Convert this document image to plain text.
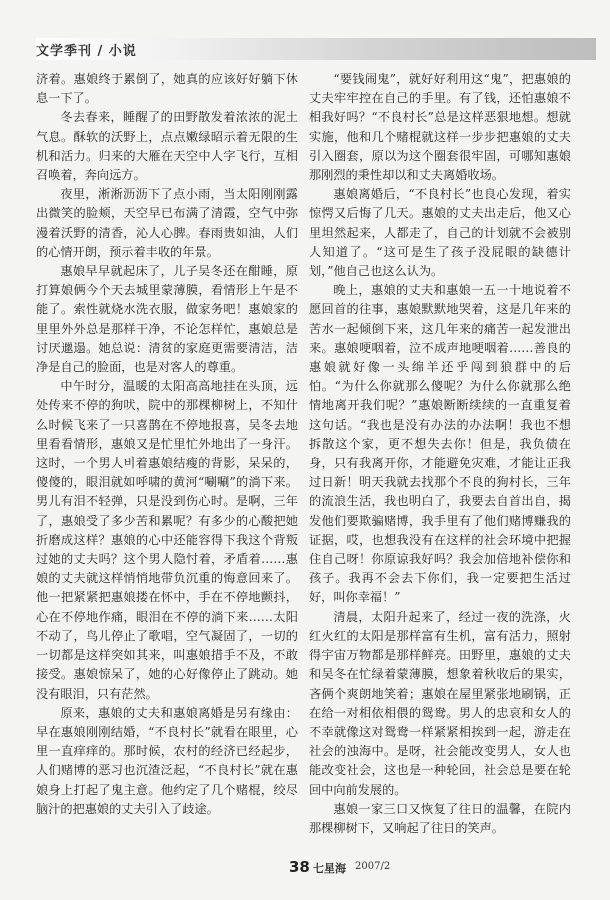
文学季刊 / 小说

济着。惠娘终于累倒了，她真的应该好好躺下休息一下了。

冬去春来，睡醒了的田野散发着浓浓的泥土气息。酥软的沃野上，点点嫩绿昭示着无限的生机和活力。归来的大雁在天空中人字飞行，互相召唤着，奔向远方。

夜里，淅淅沥沥下了点小雨，当太阳刚刚露出微笑的脸颊，天空早已布满了清霞，空气中弥漫着沃野的清香，沁人心脾。春雨贵如油，人们的心情开朗，预示着丰收的年景。

惠娘早早就起床了，儿子吴冬还在酣睡，原打算娘俩今个天去城里蒙薄膜，看情形上午是不能了。索性就烧水洗衣服，做家务吧！惠娘家的里里外外总是那样干净，不论怎样忙，惠娘总是讨厌邋遢。她总说：清贫的家庭更需要清洁，洁净是自己的脸面，也是对客人的尊重。

中午时分，温暖的太阳高高地挂在头顶，远处传来不停的狗吠，院中的那棵柳树上，不知什么时候飞来了一只喜鹊在不停地报喜，吴冬去地里看看情形，惠娘又是忙里忙外地出了一身汗。这时，一个男人비着惠娘结瘦的背影，呆呆的，傻傻的，眼泪就如呼啸的黄河“唰唰”的淌下来。男儿有泪不轻弹，只是没到伤心时。是啊，三年了，惠娘受了多少苦和累呢？有多少的心酸把她折磨成这样？惠娘的心中还能容得下我这个背叛过她的丈夫吗？这个男人隐忖着，矛盾着……惠娘的丈夫就这样悄悄地带负沉重的悔意回来了。他一把紧紧把惠娘搂在怀中，手在不停地颤抖，心在不停地作痛，眼泪在不停的淌下来……太阳不动了，鸟儿停止了歌唱，空气凝固了，一切的一切都是这样突如其来，叫惠娘措手不及，不敢接受。惠娘惊呆了，她的心好像停止了跳动。她没有眼泪，只有茫然。

原来，惠娘的丈夫和惠娘离婚是另有缘由：早在惠娘刚刚结婚，“不良村长”就看在眼里，心里一直痒痒的。那时候，农村的经济已经起步，人们赌博的恶习也沉渣泛起，“不良村长”就在惠娘身上打起了鬼主意。他约定了几个赌棍，绞尽脑汁的把惠娘的丈夫引入了歧途。

“要钱闹鬼”，就好好利用这“鬼”，把惠娘的丈夫牢牢控在自己的手里。有了钱，还怕惠娘不相我好吗？“不良村长”总是这样恶狠地想。想就实施，他和几个赌棍就这样一步步把惠娘的丈夫引入圈套，原以为这个圈套很牢固，可哪知惠娘那刚烈的秉性却以和丈夫离婚收场。

惠娘离婚后，“不良村长”也良心发现，着实惊愕又后悔了几天。惠娘的丈夫出走后，他又心里坦然起来，人都走了，自己的计划就不会被别人知道了。“这可是生了孩子没屁眼的缺德计划，”他自己也这么认为。

晚上，惠娘的丈夫和惠娘一五一十地说着不愿回首的往事，惠娘默默地哭着，这是几年来的苦水一起倾倒下来，这几年来的痛苦一起发泄出来。惠娘哽咽着，泣不成声地哽咽着……善良的惠娘就好像一头绵羊还乎闯到狼群中的后怕。“为什么你就那么傻呢？为什么你就那么绝情地离开我们呢？”惠娘断断续续的一直重复着这句话。“我也是没有办法的办法啊！我也不想拆散这个家，更不想失去你！但是，我负债在身，只有我离开你，才能避免灾难，才能让正我过日新！明天我就去找那个不良的狗村长，三年的流浪生活，我也明白了，我要去自首出自，揭发他们要欺骗赌博，我手里有了他们赌博赚我的证据，哎，也想我没有在这样的社会环境中把握住自己呀！你原谅我好吗？我会加倍地补偿你和孩子。我再不会去下你们，我一定要把生活过好，叫你幸福！”

清晨，太阳升起来了，经过一夜的洗涤，火红火红的太阳是那样富有生机，富有活力，照射得宇宙万物都是那样鲜亮。田野里，惠娘的丈夫和吴冬在忙绿着蒙薄膜，想象着秋收后的果实，吝俩个爽朗地笑着；惠娘在屋里紧张地刷锅，正在给一对相依相偎的鸳鸯。男人的忠哀和女人的不幸就像这对鸳鸯一样紧紧相挨到一起，游走在社会的浊海中。是呀，社会能改变男人，女人也能改变社会，这也是一种轮回，社会总是要在轮回中向前发展的。

惠娘一家三口又恢复了往日的温馨，在院内那棵柳树下，又响起了往日的笑声。

38 七星海 2007/2
